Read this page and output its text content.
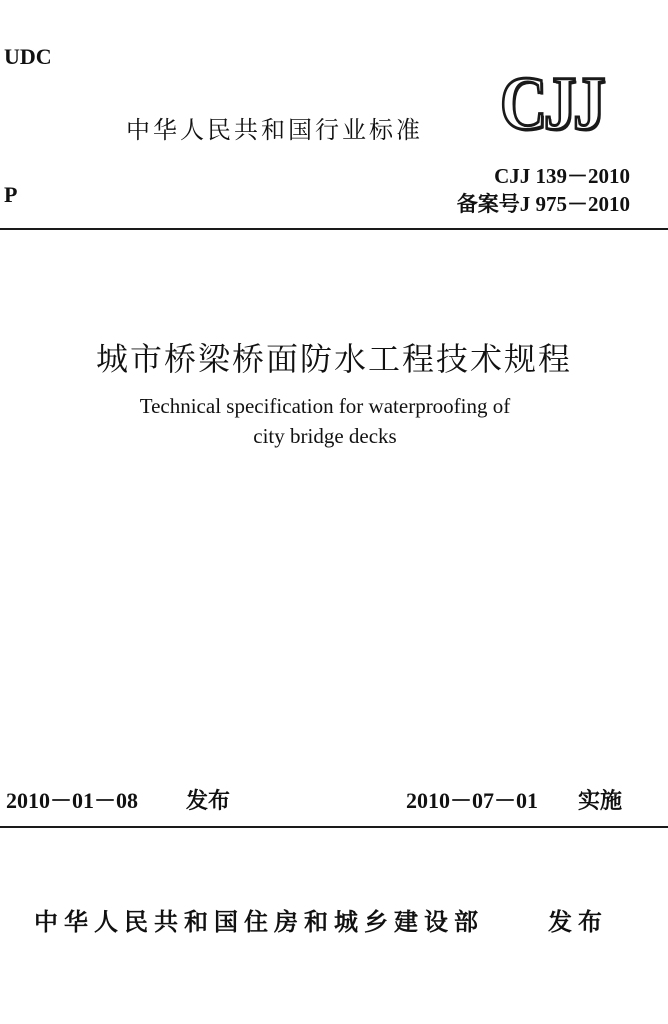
UDC
P
中华人民共和国行业标准 CJJ
CJJ 139－2010
备案号J 975－2010
城市桥梁桥面防水工程技术规程
Technical specification for waterproofing of
city bridge decks
2010－01－08 发布	2010－07－01 实施
中华人民共和国住房和城乡建设部	发布
